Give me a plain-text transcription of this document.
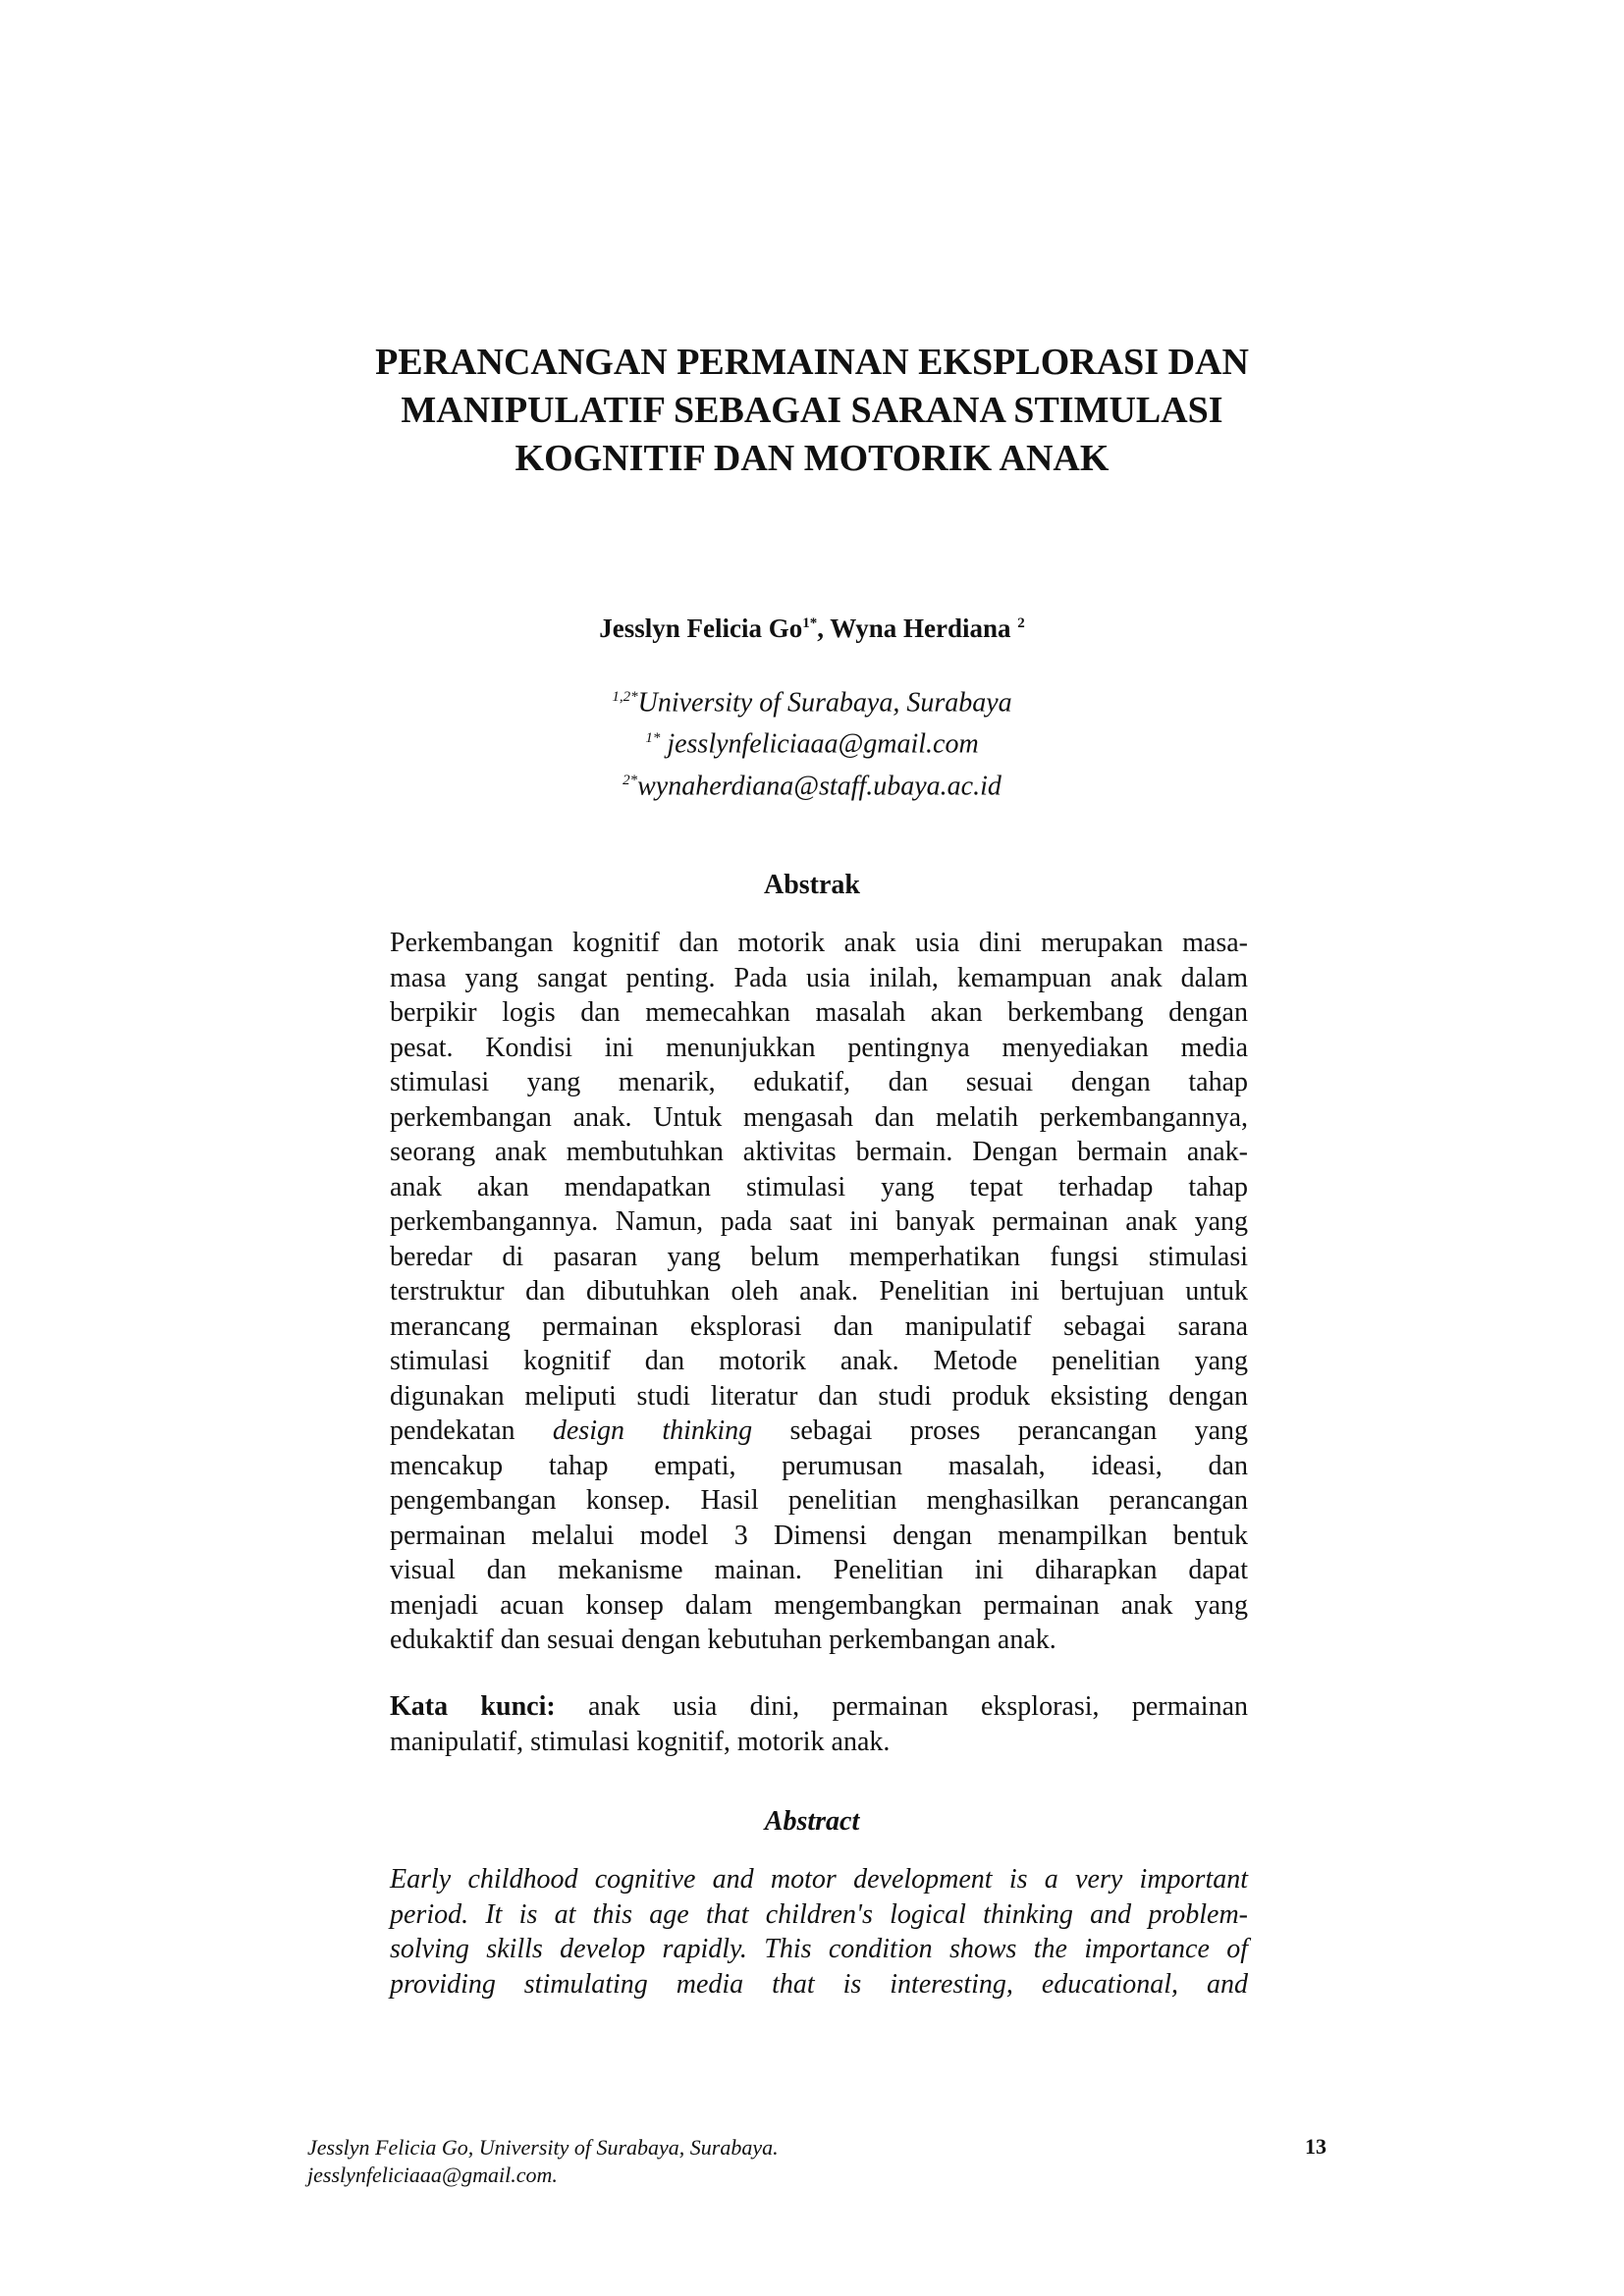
PERANCANGAN PERMAINAN EKSPLORASI DAN
MANIPULATIF SEBAGAI SARANA STIMULASI
KOGNITIF DAN MOTORIK ANAK

Jesslyn Felicia $Go^{1*}$, Wyna Herdiana $^2$

$^{1,2*}$University of Surabaya, Surabaya
$^{1*}$ jesslynfeliciaaa@gmail.com
$^{2*}$wynaherdiana@staff.ubaya.ac.id

Abstrak
Perkembangan kognitif dan motorik anak usia dini merupakan masa-
masa yang sangat penting. Pada usia inilah, kemampuan anak dalam
berpikir logis dan memecahkan masalah akan berkembang dengan
pesat. Kondisi ini menunjukkan pentingnya menyediakan media
stimulasi yang menarik, edukatif, dan sesuai dengan tahap
perkembangan anak. Untuk mengasah dan melatih perkembangannya,
seorang anak membutuhkan aktivitas bermain. Dengan bermain anak-
anak akan mendapatkan stimulasi yang tepat terhadap tahap
perkembangannya. Namun, pada saat ini banyak permainan anak yang
beredar di pasaran yang belum memperhatikan fungsi stimulasi
terstruktur dan dibutuhkan oleh anak. Penelitian ini bertujuan untuk
merancang permainan eksplorasi dan manipulatif sebagai sarana
stimulasi kognitif dan motorik anak. Metode penelitian yang
digunakan meliputi studi literatur dan studi produk eksisting dengan
pendekatan design thinking sebagai proses perancangan yang
mencakup tahap empati, perumusan masalah, ideasi, dan
pengembangan konsep. Hasil penelitian menghasilkan perancangan
permainan melalui model 3 Dimensi dengan menampilkan bentuk
visual dan mekanisme mainan. Penelitian ini diharapkan dapat
menjadi acuan konsep dalam mengembangkan permainan anak yang
edukaktif dan sesuai dengan kebutuhan perkembangan anak.
Kata kunci: anak usia dini, permainan eksplorasi, permainan
manipulatif, stimulasi kognitif, motorik anak.
Abstract
Early childhood cognitive and motor development is a very important
period. It is at this age that children's logical thinking and problem-
solving skills develop rapidly. This condition shows the importance of
providing stimulating media that is interesting, educational, and
Jesslyn Felicia Go, University of Surabaya, Surabaya.
jesslynfeliciaaa@gmail.com.
13
